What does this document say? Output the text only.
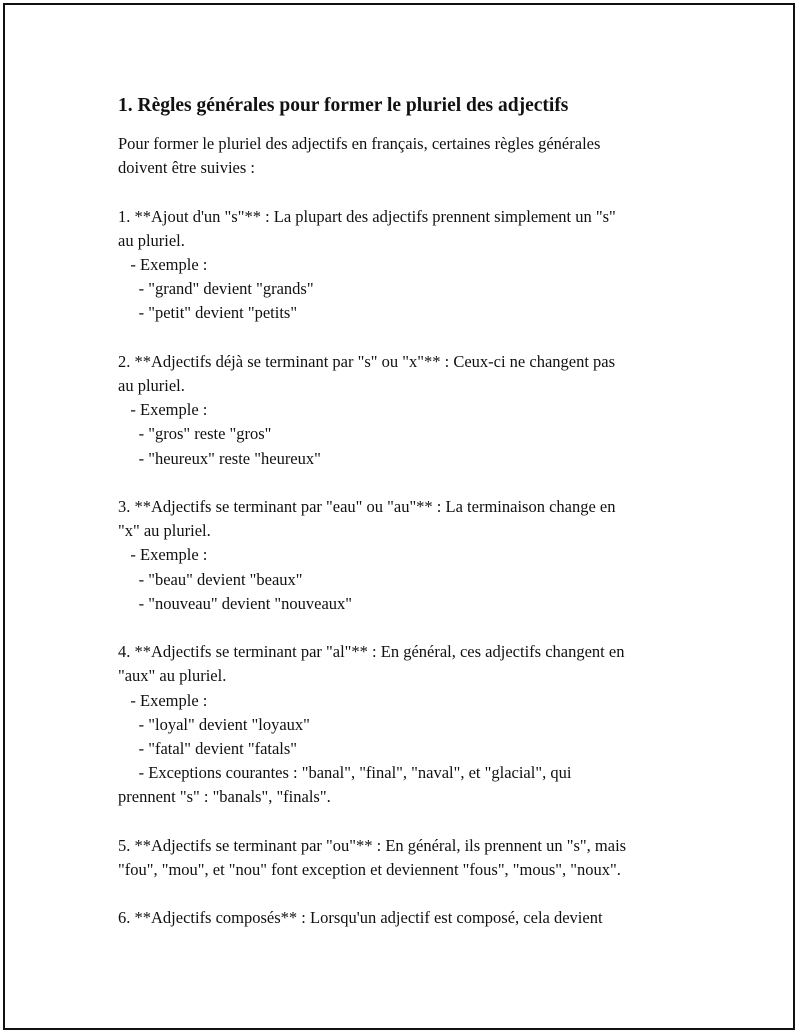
1. Règles générales pour former le pluriel des adjectifs

Pour former le pluriel des adjectifs en français, certaines règles générales
doivent être suivies :

1. **Ajout d'un "s"** : La plupart des adjectifs prennent simplement un "s"
au pluriel.
- Exemple :
- "grand" devient "grands"
- "petit" devient "petits"
2. **Adjectifs déjà se terminant par "s" ou "x"** : Ceux-ci ne changent pas
au pluriel.
- Exemple :
- "gros" reste "gros"
- "heureux" reste "heureux"
3. **Adjectifs se terminant par "eau" ou "au"** : La terminaison change en
"x" au pluriel.
- Exemple :
- "beau" devient "beaux"
- "nouveau" devient "nouveaux"
4. **Adjectifs se terminant par "al"** : En général, ces adjectifs changent en
"aux" au pluriel.
- Exemple :
- "loyal" devient "loyaux"
- "fatal" devient "fatals"
- Exceptions courantes : "banal", "final", "naval", et "glacial", qui
prennent "s" : "banals", "finals".
5. **Adjectifs se terminant par "ou"** : En général, ils prennent un "s", mais
"fou", "mou", et "nou" font exception et deviennent "fous", "mous", "noux".
6. **Adjectifs composés** : Lorsqu'un adjectif est composé, cela devient
